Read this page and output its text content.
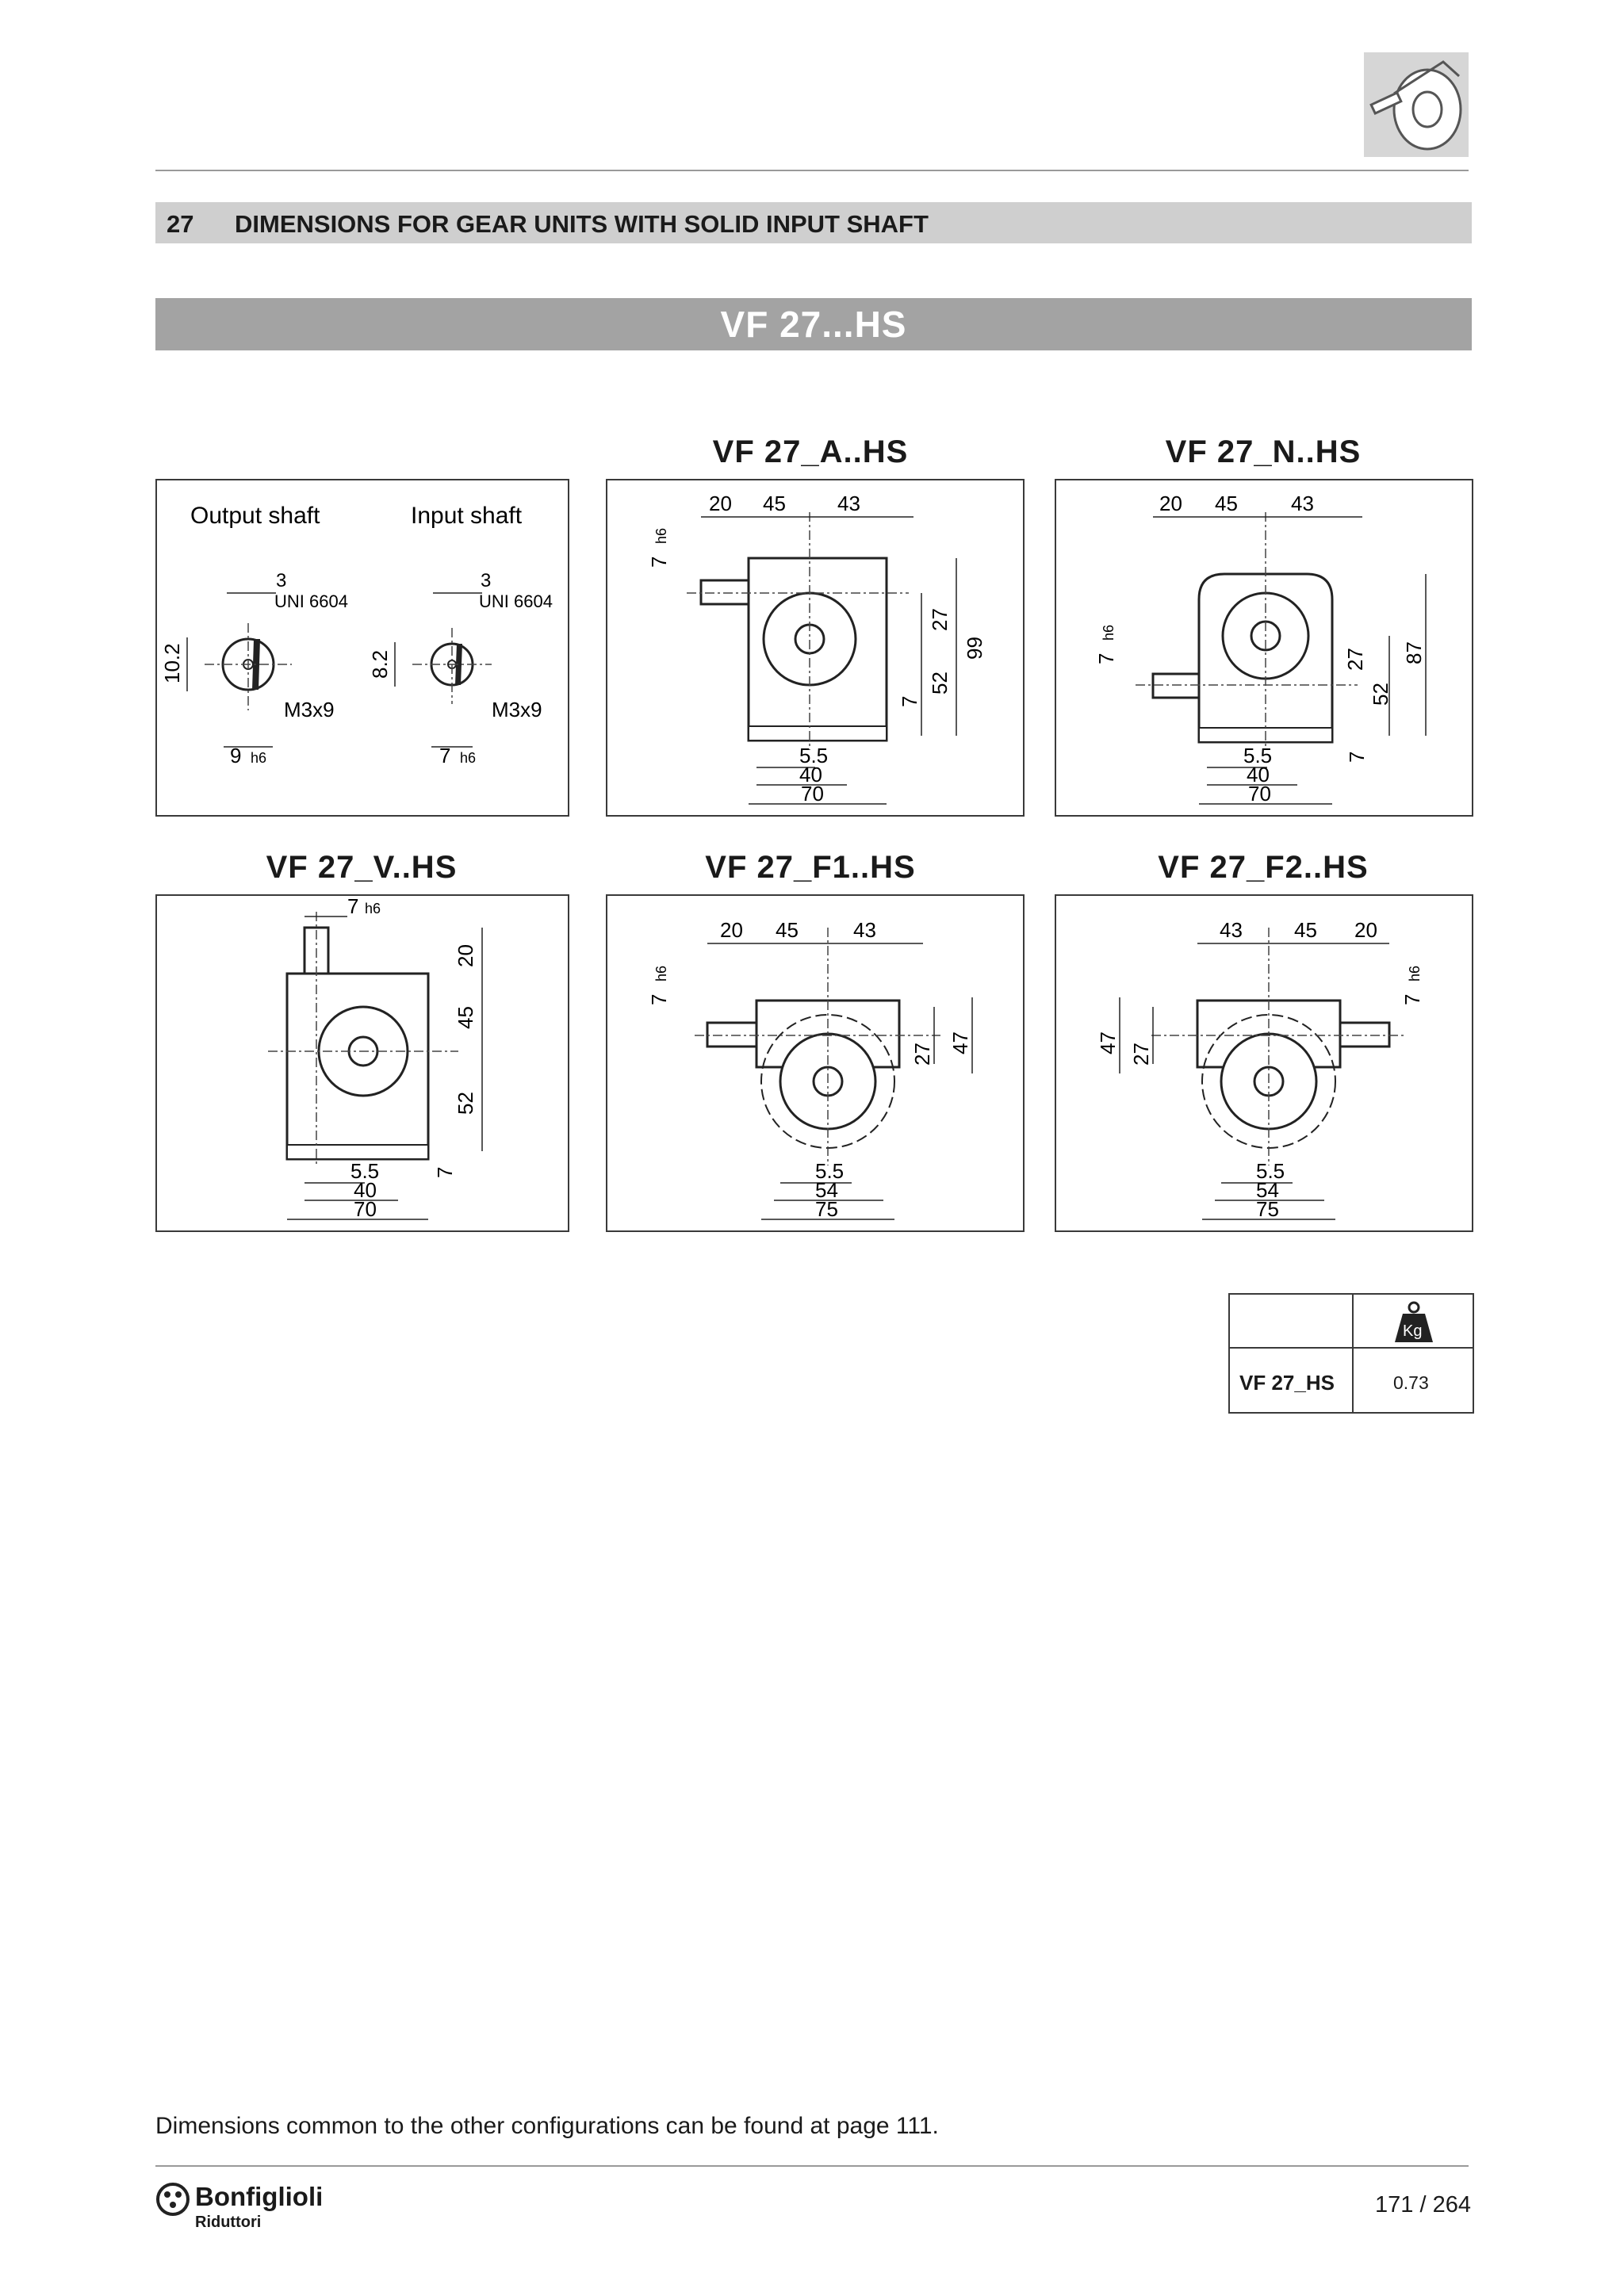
27 DIMENSIONS FOR GEAR UNITS WITH SOLID INPUT SHAFT
VF 27...HS
VF 27_A..HS	VF 27_N..HS
VF 27_V..HS	VF 27_F1..HS	VF 27_F2..HS
Output shaft	Input shaft
3
UNI 6604
10.2
M3x9
9 h6
3
UNI 6604
8.2
M3x9
7 h6
20 45	43
7
h6
27
52
99
7
5.5
40
70
20 45	43
7
h6
27
52
87
7
5.5
40
70
7 h6
20
45
52
7
5.5
40
70
20 45	43
7
h6
27 47
5.5
54
75
43	45 20
7
h6
47 27
5.5
54
75
Kg
VF 27_HS	0.73
Dimensions common to the other configurations can be found at page 111.
Bonfiglioli
Riduttori
171 / 264
